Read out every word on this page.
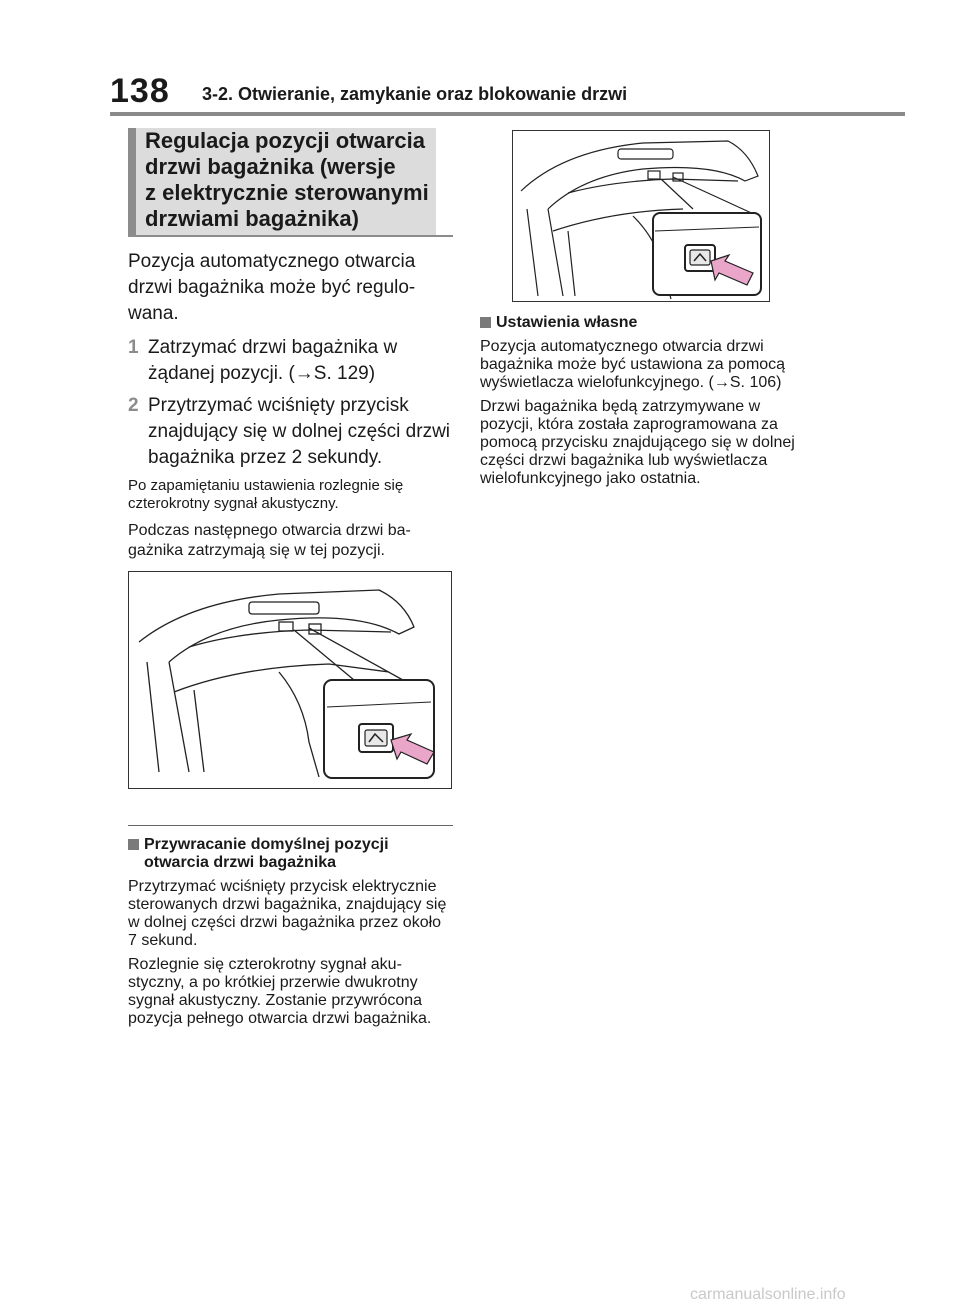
138 3-2. Otwieranie, zamykanie oraz blokowanie drzwi
Regulacja pozycji otwarcia
drzwi bagażnika (wersje
z elektrycznie sterowanymi
drzwiami bagażnika)

Pozycja automatycznego otwarcia drzwi bagażnika może być regulowana.

1 Zatrzymać drzwi bagażnika w żądanej pozycji. (→S. 129)
2 Przytrzymać wciśnięty przycisk znajdujący się w dolnej części drzwi bagażnika przez 2 sekundy.

Po zapamiętaniu ustawienia rozlegnie się czterokrotny sygnał akustyczny.

Podczas następnego otwarcia drzwi bagażnika zatrzymają się w tej pozycji.

Przywracanie domyślnej pozycji otwarcia drzwi bagażnika

Przytrzymać wciśnięty przycisk elektrycznie sterowanych drzwi bagażnika, znajdujący się w dolnej części drzwi bagażnika przez około 7 sekund.

Rozlegnie się czterokrotny sygnał akustyczny, a po krótkiej przerwie dwukrotny sygnał akustyczny. Zostanie przywrócona pozycja pełnego otwarcia drzwi bagażnika.

Ustawienia własne

Pozycja automatycznego otwarcia drzwi bagażnika może być ustawiona za pomocą wyświetlacza wielofunkcyjnego. (→S. 106)

Drzwi bagażnika będą zatrzymywane w pozycji, która została zaprogramowana za pomocą przycisku znajdującego się w dolnej części drzwi bagażnika lub wyświetlacza wielofunkcyjnego jako ostatnia.

carmanualsonline.info
